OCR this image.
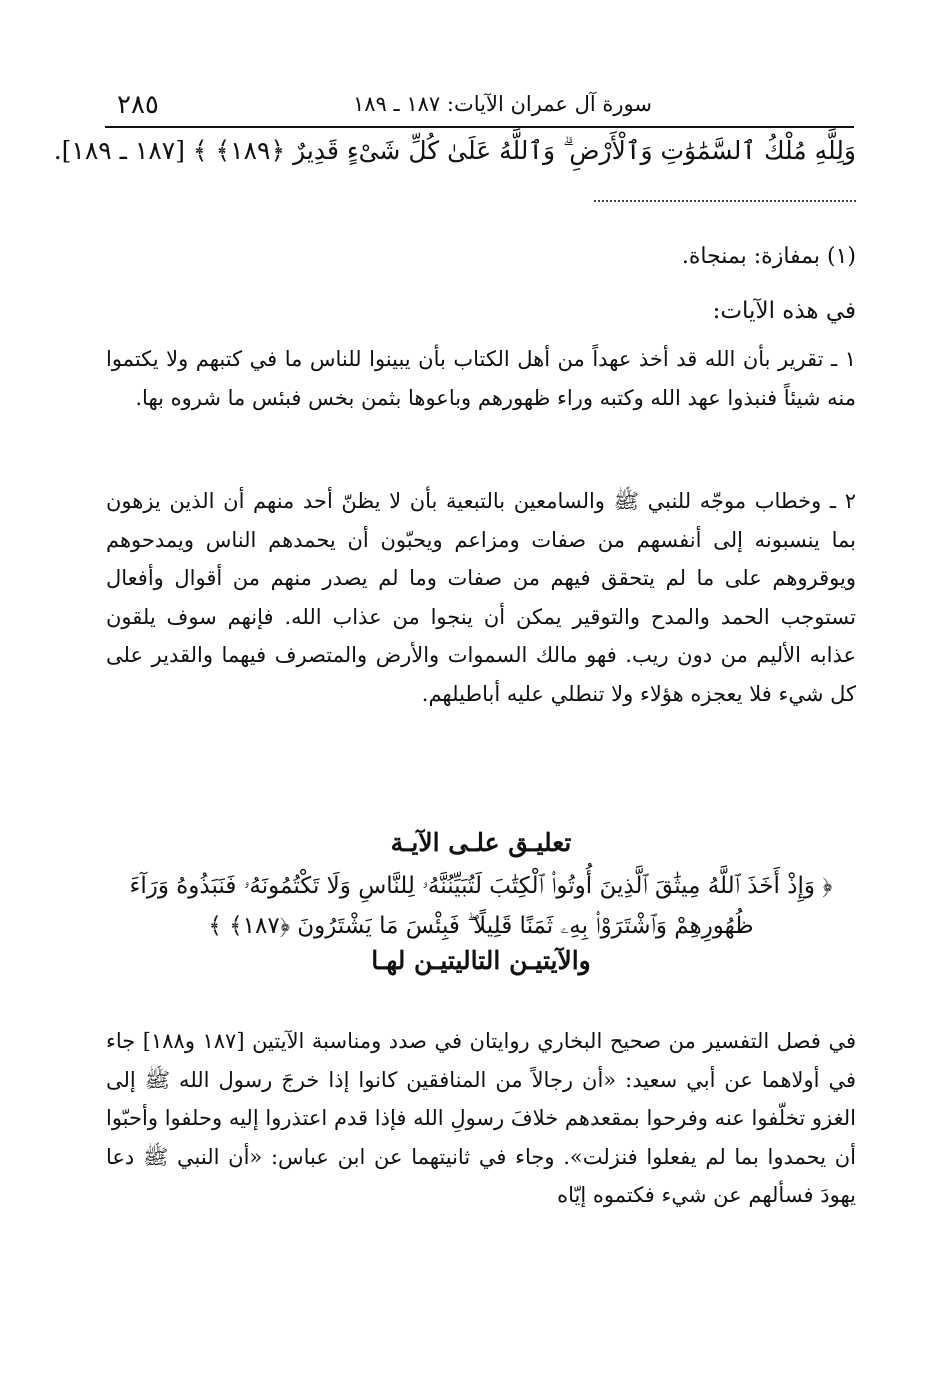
٢٨٥	سورة آل عمران الآيات: ١٨٧ ـ ١٨٩
وَلِلَّهِ مُلْكُ ٱلسَّمَٰوَٰتِ وَٱلْأَرْضِ ۗ وَٱللَّهُ عَلَىٰ كُلِّ شَىْءٍ قَدِيرٌ ﴿١٨٩﴾ ﴾ [١٨٧ ـ ١٨٩].
(١) بمفازة: بمنجاة.
في هذه الآيات:
١ ـ تقرير بأن الله قد أخذ عهداً من أهل الكتاب بأن يبينوا للناس ما في كتبهم ولا يكتموا منه شيئاً فنبذوا عهد الله وكتبه وراء ظهورهم وباعوها بثمن بخس فبئس ما شروه بها.
٢ ـ وخطاب موجّه للنبي ﷺ والسامعين بالتبعية بأن لا يظنّ أحد منهم أن الذين يزهون بما ينسبونه إلى أنفسهم من صفات ومزاعم ويحبّون أن يحمدهم الناس ويمدحوهم ويوقروهم على ما لم يتحقق فيهم من صفات وما لم يصدر منهم من أقوال وأفعال تستوجب الحمد والمدح والتوقير يمكن أن ينجوا من عذاب الله. فإنهم سوف يلقون عذابه الأليم من دون ريب. فهو مالك السموات والأرض والمتصرف فيهما والقدير على كل شيء فلا يعجزه هؤلاء ولا تنطلي عليه أباطيلهم.
تعليـق علـى الآيـة
﴿ وَإِذْ أَخَذَ ٱللَّهُ مِيثَٰقَ ٱلَّذِينَ أُوتُوا۟ ٱلْكِتَٰبَ لَتُبَيِّنُنَّهُۥ لِلنَّاسِ وَلَا تَكْتُمُونَهُۥ فَنَبَذُوهُ وَرَآءَ ظُهُورِهِمْ وَٱشْتَرَوْا۟ بِهِۦ ثَمَنًا قَلِيلًا ۖ فَبِئْسَ مَا يَشْتَرُونَ ﴿١٨٧﴾ ﴾
والآيتيـن التاليتيـن لهـا
في فصل التفسير من صحيح البخاري روايتان في صدد ومناسبة الآيتين [١٨٧ و١٨٨] جاء في أولاهما عن أبي سعيد: «أن رجالاً من المنافقين كانوا إذا خرجَ رسول الله ﷺ إلى الغزو تخلّفوا عنه وفرحوا بمقعدهم خلافَ رسولِ الله فإذا قدم اعتذروا إليه وحلفوا وأحبّوا أن يحمدوا بما لم يفعلوا فنزلت». وجاء في ثانيتهما عن ابن عباس: «أن النبي ﷺ دعا يهودَ فسألهم عن شيء فكتموه إيّاه
